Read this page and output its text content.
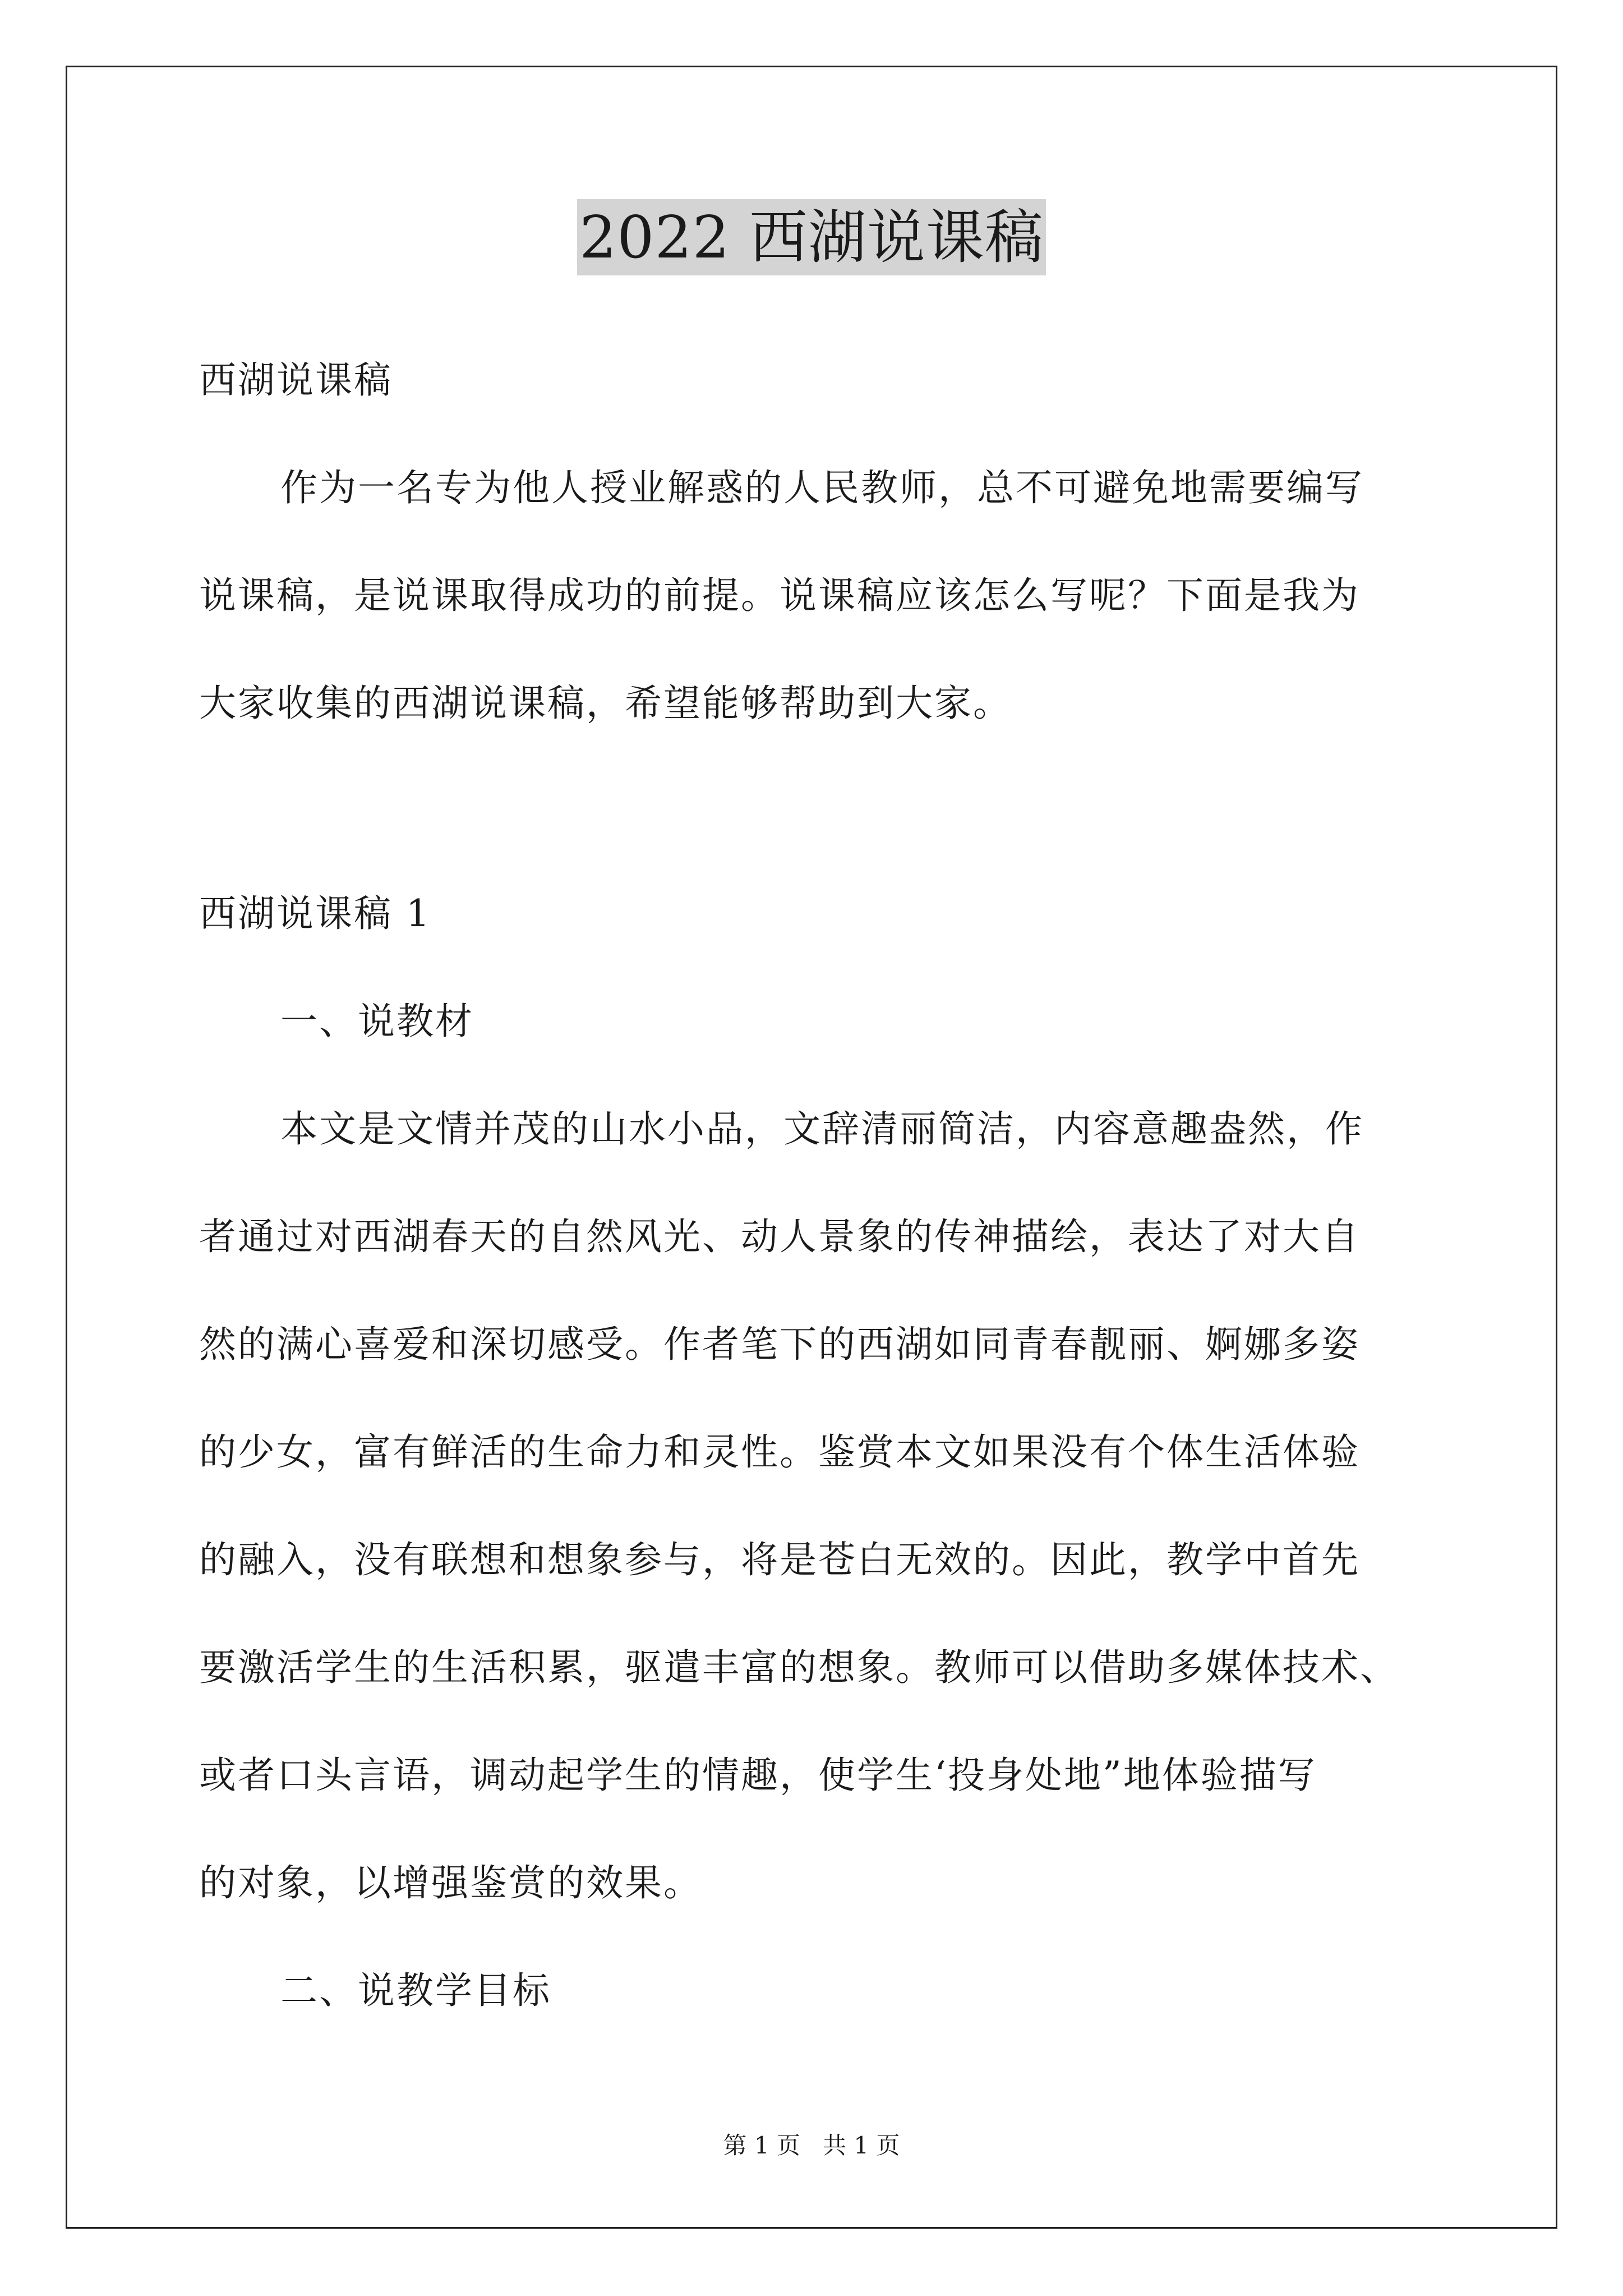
2022 西湖说课稿
西湖说课稿
作为一名专为他人授业解惑的人民教师，总不可避免地需要编写
说课稿，是说课取得成功的前提。说课稿应该怎么写呢？下面是我为
大家收集的西湖说课稿，希望能够帮助到大家。
西湖说课稿 1
一、说教材
本文是文情并茂的山水小品，文辞清丽简洁，内容意趣盎然，作
者通过对西湖春天的自然风光、动人景象的传神描绘，表达了对大自
然的满心喜爱和深切感受。作者笔下的西湖如同青春靓丽、婀娜多姿
的少女，富有鲜活的生命力和灵性。鉴赏本文如果没有个体生活体验
的融入，没有联想和想象参与，将是苍白无效的。因此，教学中首先
要激活学生的生活积累，驱遣丰富的想象。教师可以借助多媒体技术、
或者口头言语，调动起学生的情趣，使学生‘投身处地”地体验描写
的对象，以增强鉴赏的效果。
二、说教学目标
第 1 页   共 1 页
